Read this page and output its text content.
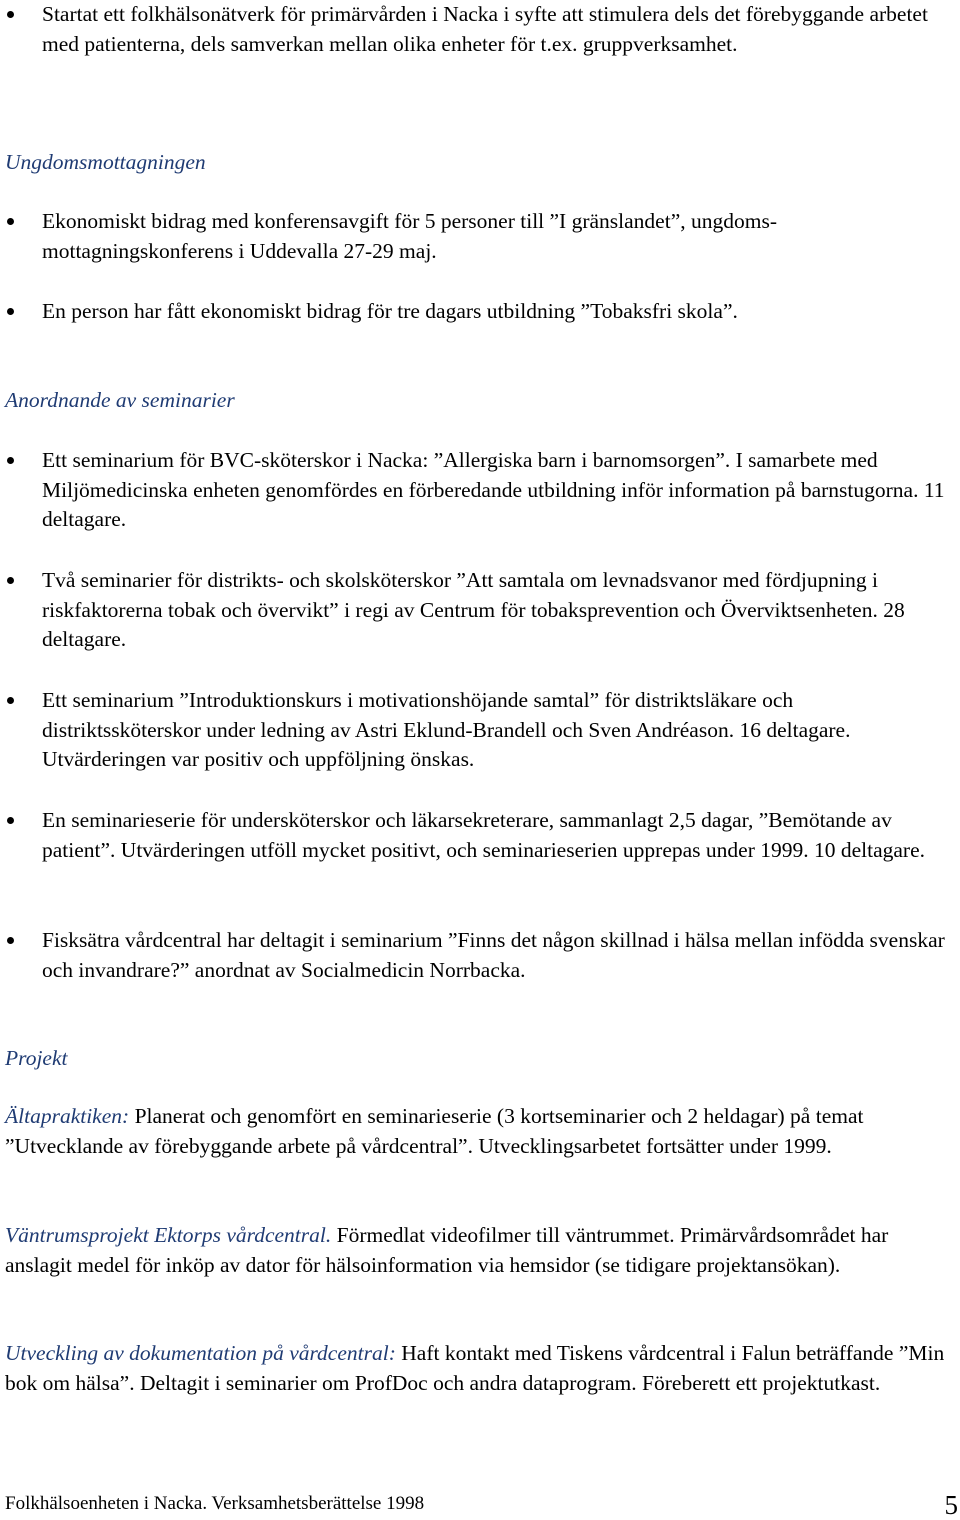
Startat ett folkhälsonätverk för primärvården i Nacka i syfte att stimulera dels det förebyggande arbetet med patienterna, dels samverkan mellan olika enheter för t.ex. gruppverksamhet.
Ungdomsmottagningen
Ekonomiskt bidrag med konferensavgift för 5 personer till ”I gränslandet”, ungdoms-mottagningskonferens i Uddevalla 27-29 maj.
En person har fått ekonomiskt bidrag för tre dagars utbildning ”Tobaksfri skola”.
Anordnande av seminarier
Ett seminarium för BVC-sköterskor i Nacka: ”Allergiska barn i barnomsorgen”. I samarbete med Miljömedicinska enheten genomfördes en förberedande utbildning inför information på barnstugorna. 11 deltagare.
Två seminarier för distrikts- och skolsköterskor ”Att samtala om levnadsvanor med fördjupning i riskfaktorerna tobak och övervikt” i regi av Centrum för tobaksprevention och Överviktsenheten. 28 deltagare.
Ett seminarium ”Introduktionskurs i motivationshöjande samtal” för distriktsläkare och distriktssköterskor under ledning av Astri Eklund-Brandell och Sven Andréason. 16 deltagare. Utvärderingen var positiv och uppföljning önskas.
En seminarieserie för undersköterskor och läkarsekreterare, sammanlagt 2,5 dagar, ”Bemötande av patient”. Utvärderingen utföll mycket positivt, och seminarieserien upprepas under 1999. 10 deltagare.
Fisksätra vårdcentral har deltagit i seminarium ”Finns det någon skillnad i hälsa mellan infödda svenskar och invandrare?” anordnat av Socialmedicin Norrbacka.
Projekt

Ältapraktiken: Planerat och genomfört en seminarieserie (3 kortseminarier och 2 heldagar) på temat ”Utvecklande av förebyggande arbete på vårdcentral”. Utvecklingsarbetet fortsätter under 1999.

Väntrumsprojekt Ektorps vårdcentral. Förmedlat videofilmer till väntrummet. Primärvårdsområdet har anslagit medel för inköp av dator för hälsoinformation via hemsidor (se tidigare projektansökan).

Utveckling av dokumentation på vårdcentral: Haft kontakt med Tiskens vårdcentral i Falun beträffande ”Min bok om hälsa”. Deltagit i seminarier om ProfDoc och andra dataprogram. Föreberett ett projektutkast.

Folkhälsoenheten i Nacka. Verksamhetsberättelse 1998	5
